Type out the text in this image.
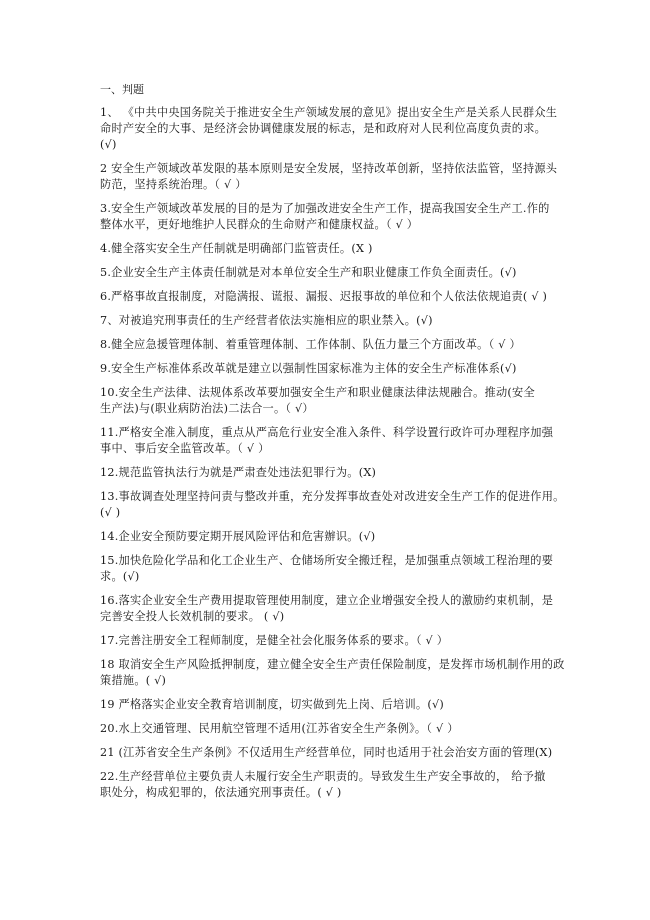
一、判题
1、 《中共中央国务院关于推进安全生产领域发展的意见》提出安全生产是关系人民群众生
命时产安全的大事、是经济会协调健康发展的标志，是和政府对人民利位高度负责的求。
(√)
2 安全生产领域改革发限的基本原则是安全发展，坚持改革创新，坚持依法监管，坚持源头
防范，坚持系统治理。（ √ ）
3.安全生产领域改革发展的目的是为了加强改进安全生产工作，提高我国安全生产工.作的
整体水平，更好地维护人民群众的生命财产和健康权益。（ √ ）
4.健全落实安全生产任制就是明确部门监管责任。(X )
5.企业安全生产主体责任制就是对本单位安全生产和职业健康工作负全面责任。(√)
6.严格事故直报制度，对隐满报、谎报、漏报、迟报事故的单位和个人依法依规追责( √ )
7、对被追究刑事责任的生产经营者依法实施相应的职业禁入。(√)
8.健全应急援管理体制、着重管理体制、工作体制、队伍力量三个方面改革。（ √ ）
9.安全生产标准体系改革就是建立以强制性国家标准为主体的安全生产标准体系(√)
10.安全生产法律、法规体系改革要加强安全生产和职业健康法律法规融合。推动(安全
生产法)与(职业病防治法)二法合一。（ √）
11.严格安全准入制度，重点从严高危行业安全准入条件、科学设置行政许可办理程序加强
事中、事后安全监管改革。（ √ ）
12.规范监管执法行为就是严肃查处违法犯罪行为。(X)
13.事故调查处理坚持问责与整改并重，充分发挥事故查处对改进安全生产工作的促进作用。
(√ )
14.企业安全预防要定期开展风险评估和危害辦识。(√)
15.加快危险化学品和化工企业生产、仓储场所安全搬迁程，是加强重点领域工程治理的要
求。(√)
16.落实企业安全生产费用提取管理使用制度，建立企业增强安全投人的激励约束机制，是
完善安全投人长效机制的要求。 ( √)
17.完善注册安全工程师制度，是健全社会化服务体系的要求。（ √ ）
18 取消安全生产风险抵押制度，建立健全安全生产责任保险制度，是发挥市场机制作用的政
策措施。( √)
19 严格落实企业安全教育培训制度，切实做到先上岗、后培训。(√)
20.水上交通管理、民用航空管理不适用(江苏省安全生产条例》。（ √ ）
21 (江苏省安全生产条例》不仅适用生产经营单位，同时也适用于社会治安方面的管理(X)
22.生产经营单位主要负责人未履行安全生产职责的。导致发生生产安全事故的， 给予撤
职处分，构成犯罪的，依法通究刑事责任。( √ )
